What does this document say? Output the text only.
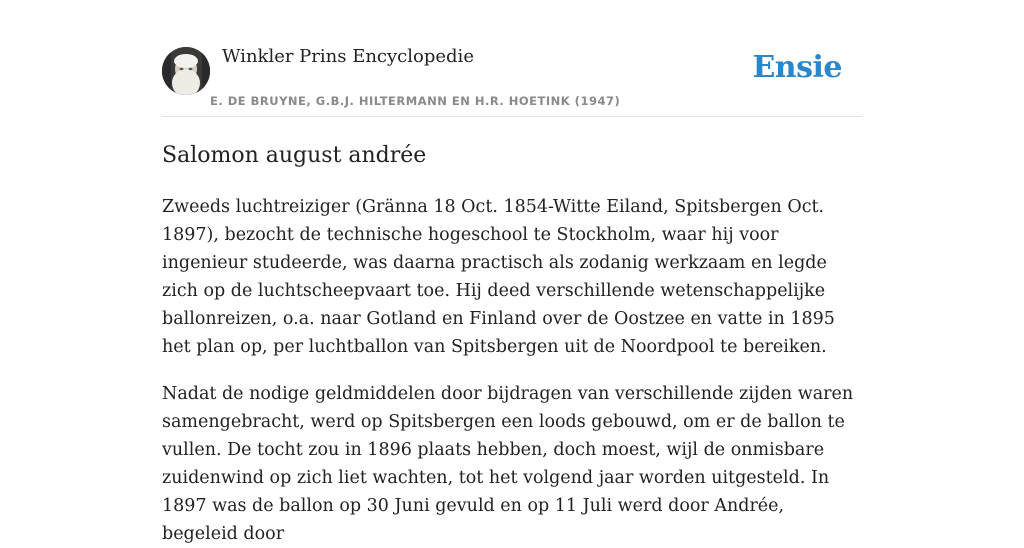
Winkler Prins Encyclopedie
E. DE BRUYNE, G.B.J. HILTERMANN EN H.R. HOETINK (1947)
Ensie
Salomon august andrée

Zweeds luchtreiziger (Gränna 18 Oct. 1854-Witte Eiland, Spitsbergen Oct. 1897), bezocht de technische hogeschool te Stockholm, waar hij voor ingenieur studeerde, was daarna practisch als zodanig werkzaam en legde zich op de luchtscheepvaart toe. Hij deed verschillende wetenschappelijke ballonreizen, o.a. naar Gotland en Finland over de Oostzee en vatte in 1895 het plan op, per luchtballon van Spitsbergen uit de Noordpool te bereiken.

Nadat de nodige geldmiddelen door bijdragen van verschillende zijden waren samengebracht, werd op Spitsbergen een loods gebouwd, om er de ballon te vullen. De tocht zou in 1896 plaats hebben, doch moest, wijl de onmisbare zuidenwind op zich liet wachten, tot het volgend jaar worden uitgesteld. In 1897 was de ballon op 30 Juni gevuld en op 11 Juli werd door Andrée, begeleid door
